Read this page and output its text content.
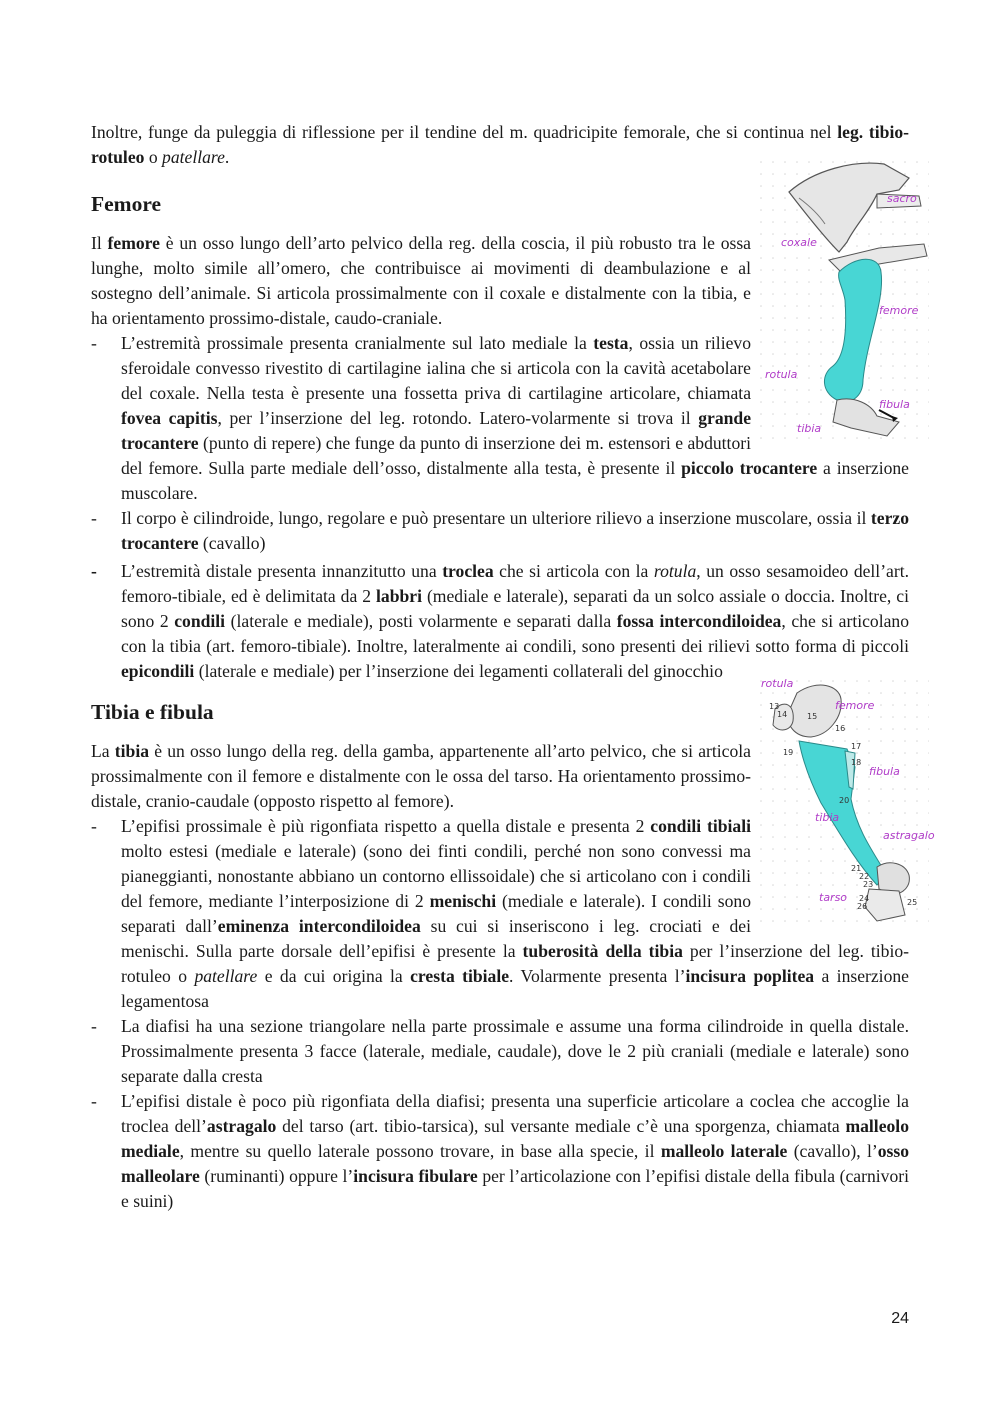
Inoltre, funge da puleggia di riflessione per il tendine del m. quadricipite femorale, che si continua nel leg. tibio-rotuleo o patellare.

sacro
coxale
femore
rotula
fibula
tibia
Femore

Il femore è un osso lungo dell’arto pelvico della reg. della coscia, il più robusto tra le ossa lunghe, molto simile all’omero, che contribuisce ai movimenti di deambulazione e al sostegno dell’animale. Si articola prossimalmente con il coxale e distalmente con la tibia, e ha orientamento prossimo-distale, caudo-craniale.

- L’estremità prossimale presenta cranialmente sul lato mediale la testa, ossia un rilievo sferoidale convesso rivestito di cartilagine ialina che si articola con la cavità acetabolare del coxale. Nella testa è presente una fossetta priva di cartilagine articolare, chiamata fovea capitis, per l’inserzione del leg. rotondo. Latero-volarmente si trova il grande trocantere (punto di repere) che funge da punto di inserzione dei m. estensori e abduttori del femore. Sulla parte mediale dell’osso, distalmente alla testa, è presente il piccolo trocantere a inserzione muscolare.
- Il corpo è cilindroide, lungo, regolare e può presentare un ulteriore rilievo a inserzione muscolare, ossia il terzo trocantere (cavallo)
- L’estremità distale presenta innanzitutto una troclea che si articola con la rotula, un osso sesamoideo dell’art. femoro-tibiale, ed è delimitata da 2 labbri (mediale e laterale), separati da un solco assiale o doccia. Inoltre, ci sono 2 condili (laterale e mediale), posti volarmente e separati dalla fossa intercondiloidea, che si articolano con la tibia (art. femoro-tibiale). Inoltre, lateralmente ai condili, sono presenti dei rilievi sotto forma di piccoli epicondili (laterale e mediale) per l’inserzione dei legamenti collaterali del ginocchio
rotula
femore
fibula
tibia
astragalo
tarso
13
14 15
16
17
18
19
20
21
22
23
24	25
26
Tibia e fibula

La tibia è un osso lungo della reg. della gamba, appartenente all’arto pelvico, che si articola prossimalmente con il femore e distalmente con le ossa del tarso. Ha orientamento prossimo-distale, cranio-caudale (opposto rispetto al femore).

- L’epifisi prossimale è più rigonfiata rispetto a quella distale e presenta 2 condili tibiali molto estesi (mediale e laterale) (sono dei finti condili, perché non sono convessi ma pianeggianti, nonostante abbiano un contorno ellissoidale) che si articolano con i condili del femore, mediante l’interposizione di 2 menischi (mediale e laterale). I condili sono separati dall’eminenza intercondiloidea su cui si inseriscono i leg. crociati e dei menischi. Sulla parte dorsale dell’epifisi è presente la tuberosità della tibia per l’inserzione del leg. tibio-rotuleo o patellare e da cui origina la cresta tibiale. Volarmente presenta l’incisura poplitea a inserzione legamentosa
- La diafisi ha una sezione triangolare nella parte prossimale e assume una forma cilindroide in quella distale. Prossimalmente presenta 3 facce (laterale, mediale, caudale), dove le 2 più craniali (mediale e laterale) sono separate dalla cresta
- L’epifisi distale è poco più rigonfiata della diafisi; presenta una superficie articolare a coclea che accoglie la troclea dell’astragalo del tarso (art. tibio-tarsica), sul versante mediale c’è una sporgenza, chiamata malleolo mediale, mentre su quello laterale possono trovare, in base alla specie, il malleolo laterale (cavallo), l’osso malleolare (ruminanti) oppure l’incisura fibulare per l’articolazione con l’epifisi distale della fibula (carnivori e suini)
24
